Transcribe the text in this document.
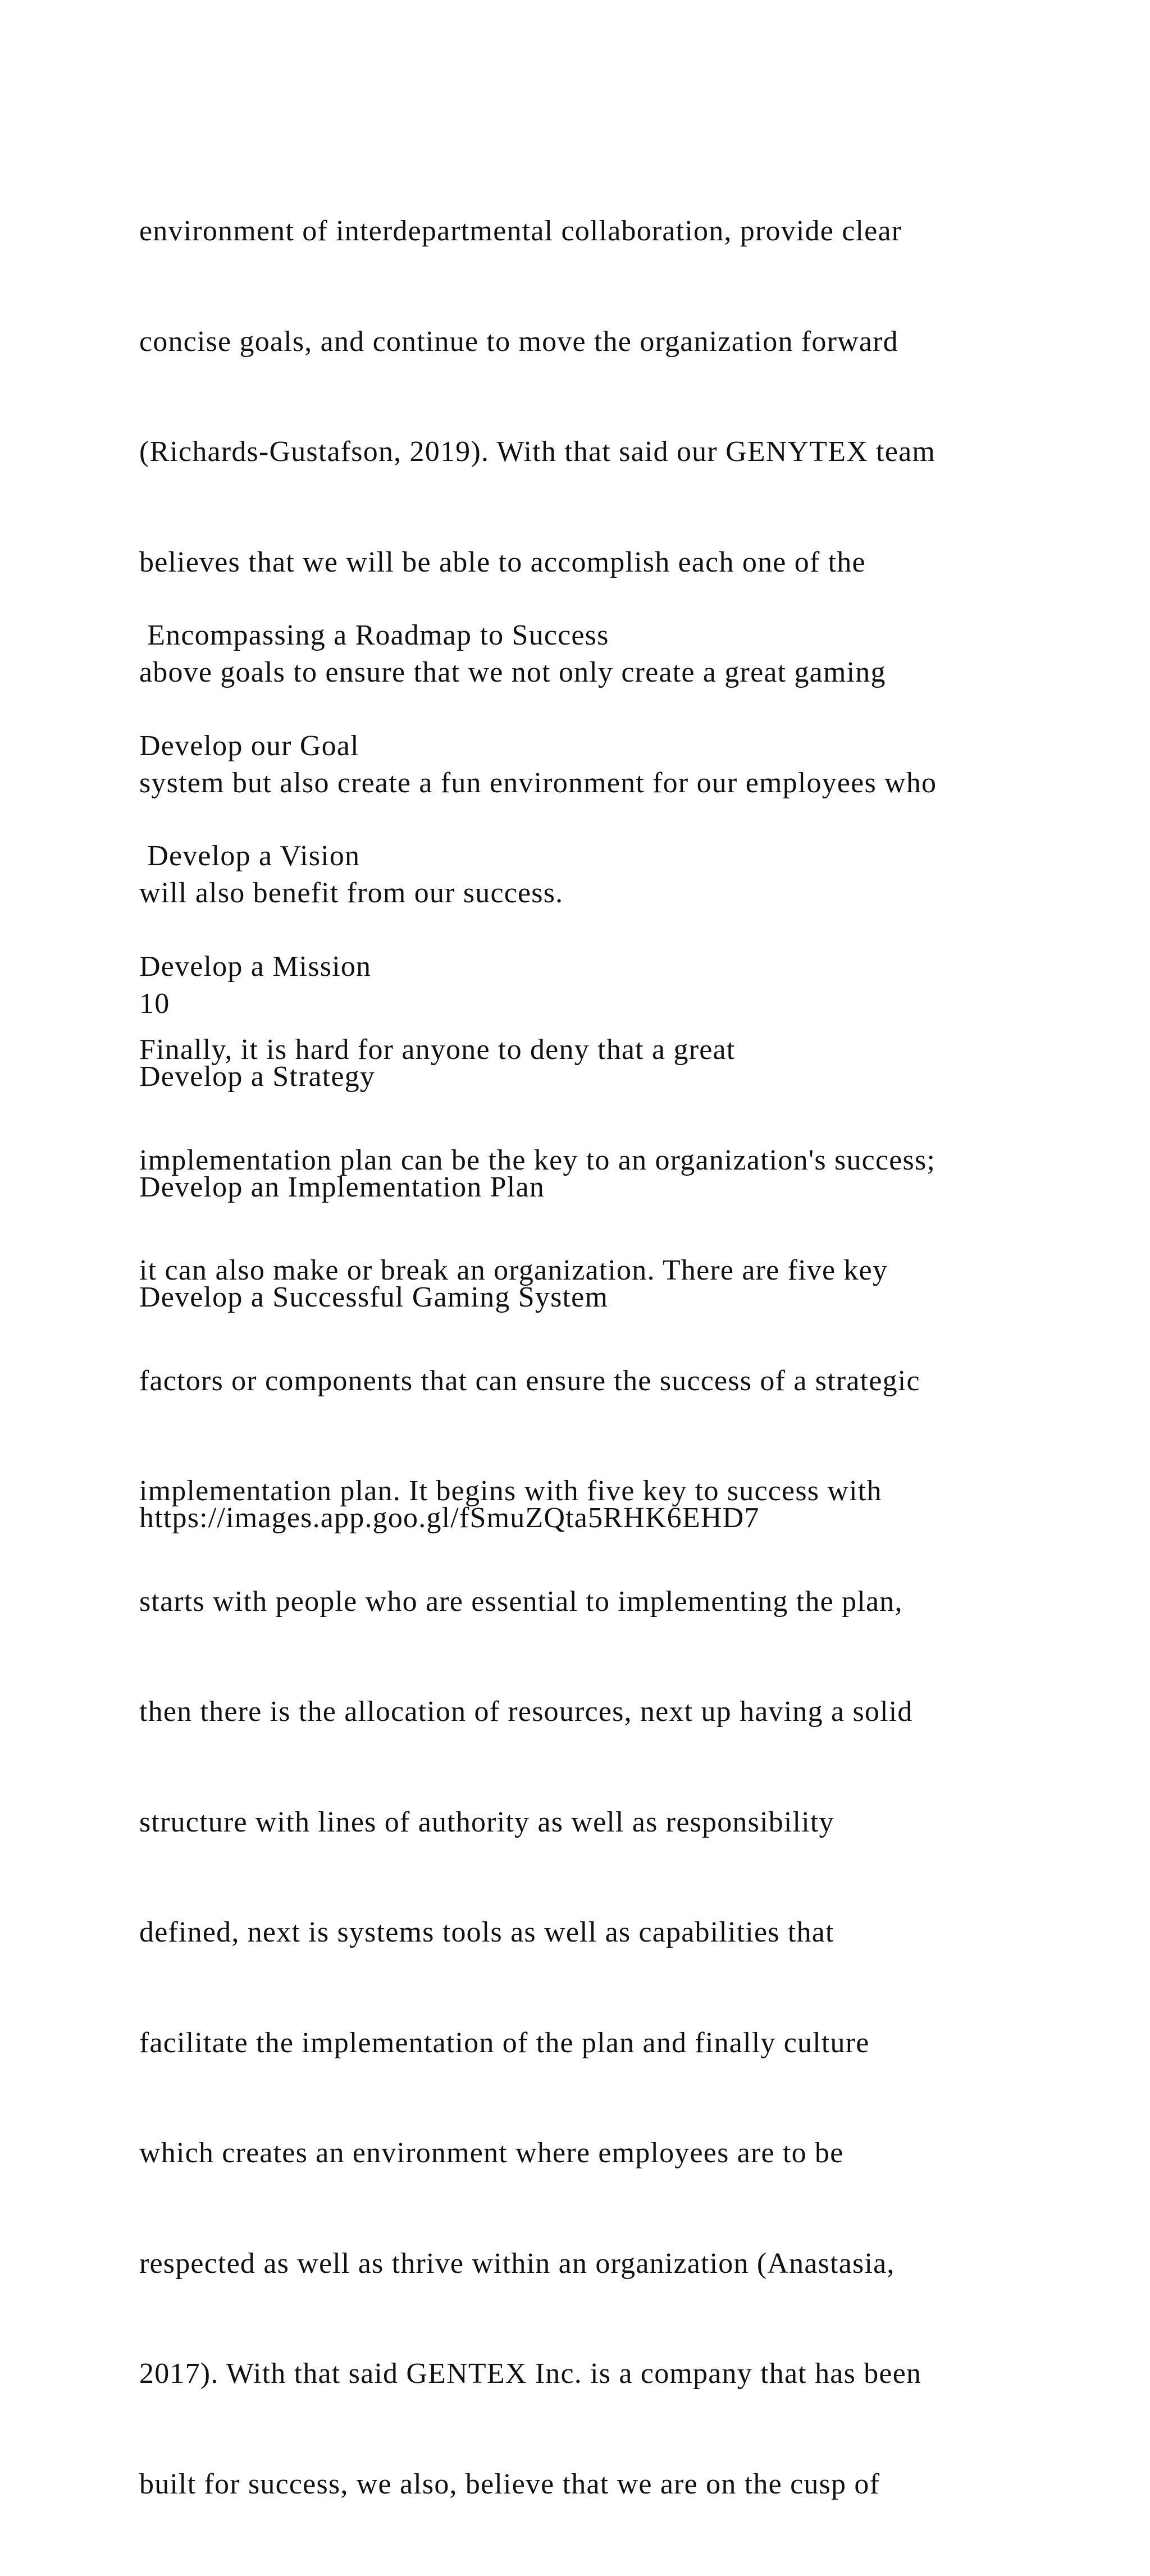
environment of interdepartmental collaboration, provide clear

concise goals, and continue to move the organization forward

(Richards-Gustafson, 2019). With that said our GENYTEX team

believes that we will be able to accomplish each one of the

above goals to ensure that we not only create a great gaming

system but also create a fun environment for our employees who

will also benefit from our success.

10

Encompassing a Roadmap to Success

Develop our Goal

Develop a Vision

Develop a Mission

Develop a Strategy

Develop an Implementation Plan

Develop a Successful Gaming System

https://images.app.goo.gl/fSmuZQta5RHK6EHD7

Finally, it is hard for anyone to deny that a great

implementation plan can be the key to an organization's success;

it can also make or break an organization. There are five key

factors or components that can ensure the success of a strategic

implementation plan. It begins with five key to success with

starts with people who are essential to implementing the plan,

then there is the allocation of resources, next up having a solid

structure with lines of authority as well as responsibility

defined, next is systems tools as well as capabilities that

facilitate the implementation of the plan and finally culture

which creates an environment where employees are to be

respected as well as thrive within an organization (Anastasia,

2017). With that said GENTEX Inc. is a company that has been

built for success, we also, believe that we are on the cusp of
